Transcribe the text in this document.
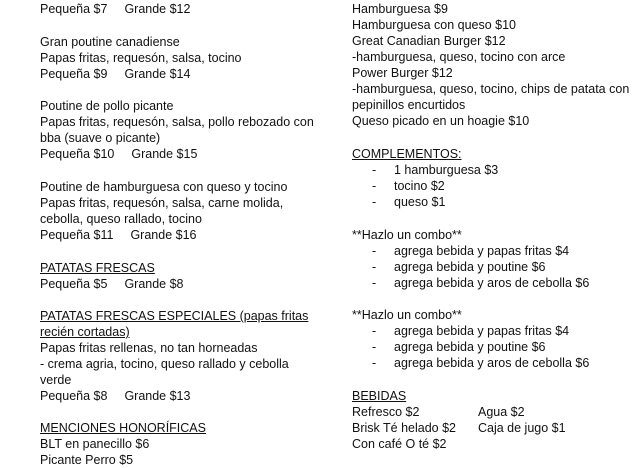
Pequeña $7 Grande $12
Gran poutine canadiense
Papas fritas, requesón, salsa, tocino
Pequeña $9 Grande $14
Poutine de pollo picante
Papas fritas, requesón, salsa, pollo rebozado con
bba (suave o picante)
Pequeña $10 Grande $15
Poutine de hamburguesa con queso y tocino
Papas fritas, requesón, salsa, carne molida,
cebolla, queso rallado, tocino
Pequeña $11 Grande $16
PATATAS FRESCAS
Pequeña $5 Grande $8
PATATAS FRESCAS ESPECIALES (papas fritas
recién cortadas)
Papas fritas rellenas, no tan horneadas
- crema agria, tocino, queso rallado y cebolla
verde
Pequeña $8 Grande $13
MENCIONES HONORÍFICAS
BLT en panecillo $6
Picante Perro $5
Hamburguesa $9
Hamburguesa con queso $10
Great Canadian Burger $12
-hamburguesa, queso, tocino con arce
Power Burger $12
-hamburguesa, queso, tocino, chips de patata con
pepinillos encurtidos
Queso picado en un hoagie $10
COMPLEMENTOS:
- 1 hamburguesa $3
- tocino $2
- queso $1
**Hazlo un combo**
- agrega bebida y papas fritas $4
- agrega bebida y poutine $6
- agrega bebida y aros de cebolla $6
**Hazlo un combo**
- agrega bebida y papas fritas $4
- agrega bebida y poutine $6
- agrega bebida y aros de cebolla $6
BEBIDAS
Refresco $2	Agua $2
Brisk Té helado $2 Caja de jugo $1
Con café O té $2
